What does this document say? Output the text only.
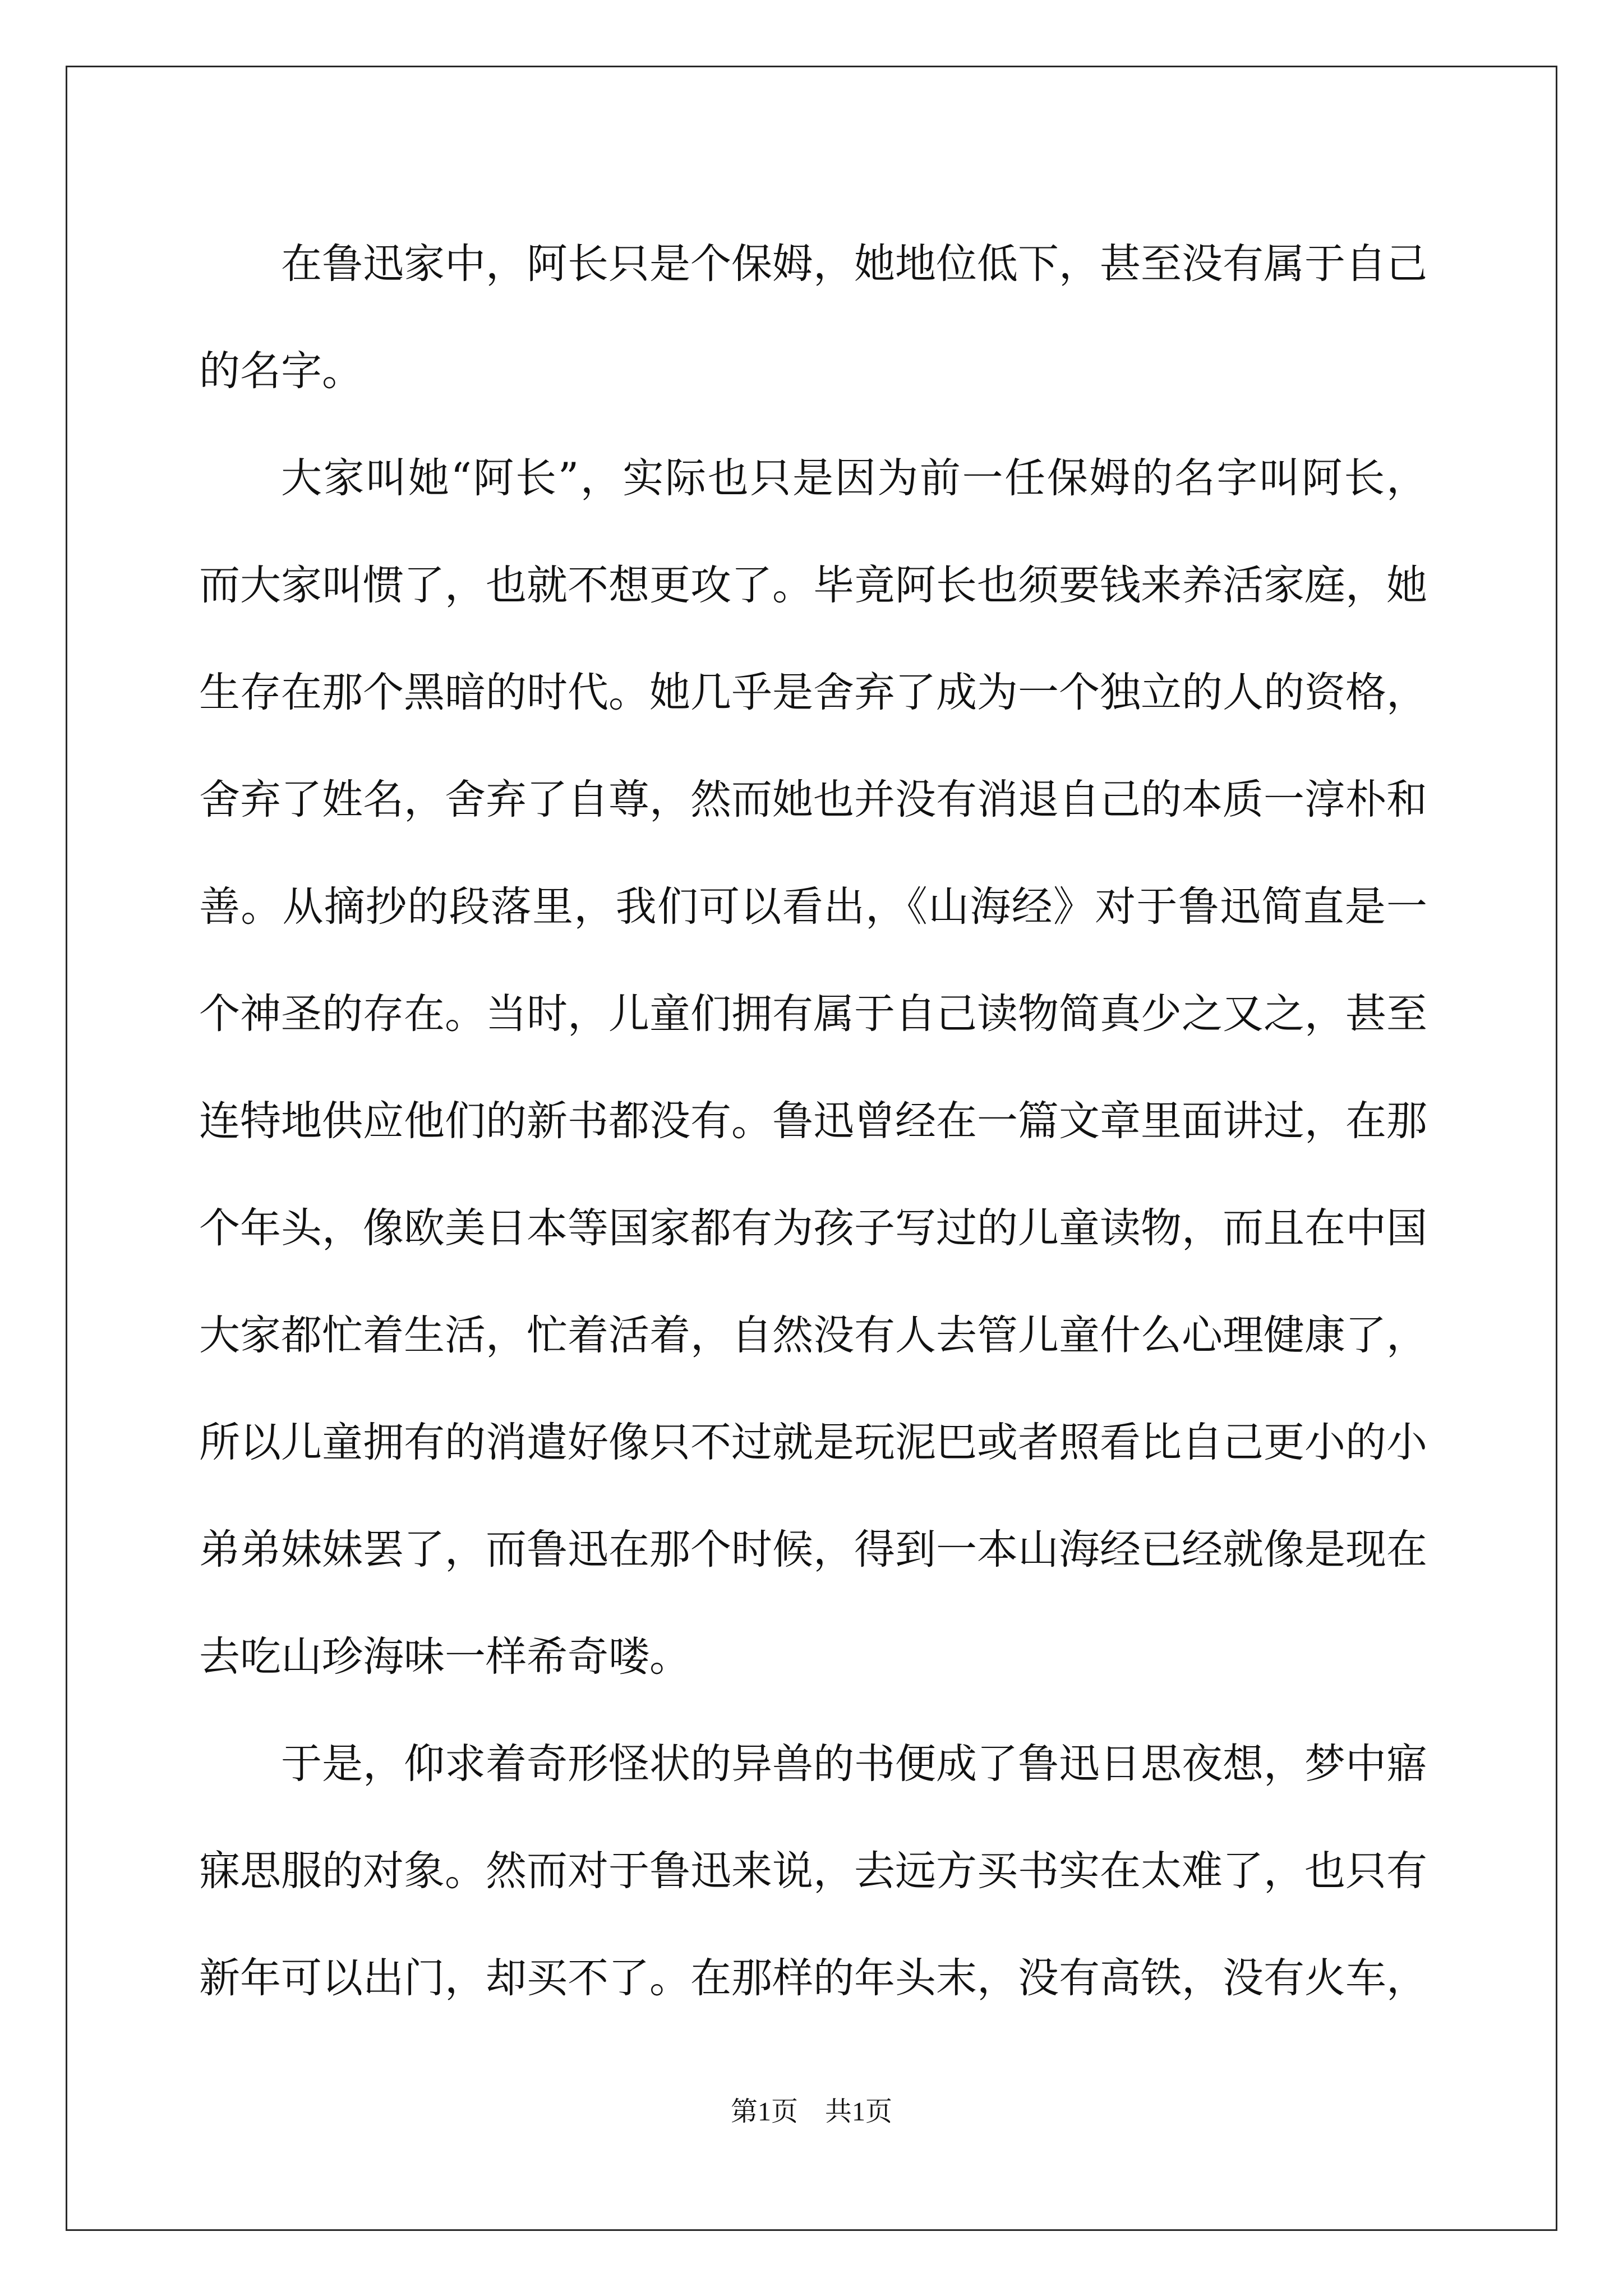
在鲁迅家中，阿长只是个保姆，她地位低下，甚至没有属于自己的名字。

大家叫她“阿长”，实际也只是因为前一任保姆的名字叫阿长，而大家叫惯了，也就不想更攻了。毕竟阿长也须要钱来养活家庭，她生存在那个黑暗的时代。她几乎是舍弃了成为一个独立的人的资格，舍弃了姓名，舍弃了自尊，然而她也并没有消退自己的本质一淳朴和善。从摘抄的段落里，我们可以看出，《山海经》对于鲁迅简直是一个神圣的存在。当时，儿童们拥有属于自己读物简真少之又之，甚至连特地供应他们的新书都没有。鲁迅曾经在一篇文章里面讲过，在那个年头，像欧美日本等国家都有为孩子写过的儿童读物，而且在中国大家都忙着生活，忙着活着，自然没有人去管儿童什么心理健康了，所以儿童拥有的消遣好像只不过就是玩泥巴或者照看比自己更小的小弟弟妹妹罢了，而鲁迅在那个时候，得到一本山海经已经就像是现在去吃山珍海味一样希奇喽。

于是，仰求着奇形怪状的异兽的书便成了鲁迅日思夜想，梦中寤寐思服的对象。然而对于鲁迅来说，去远方买书实在太难了，也只有新年可以出门，却买不了。在那样的年头末，没有高铁，没有火车，

第1页 共1页
